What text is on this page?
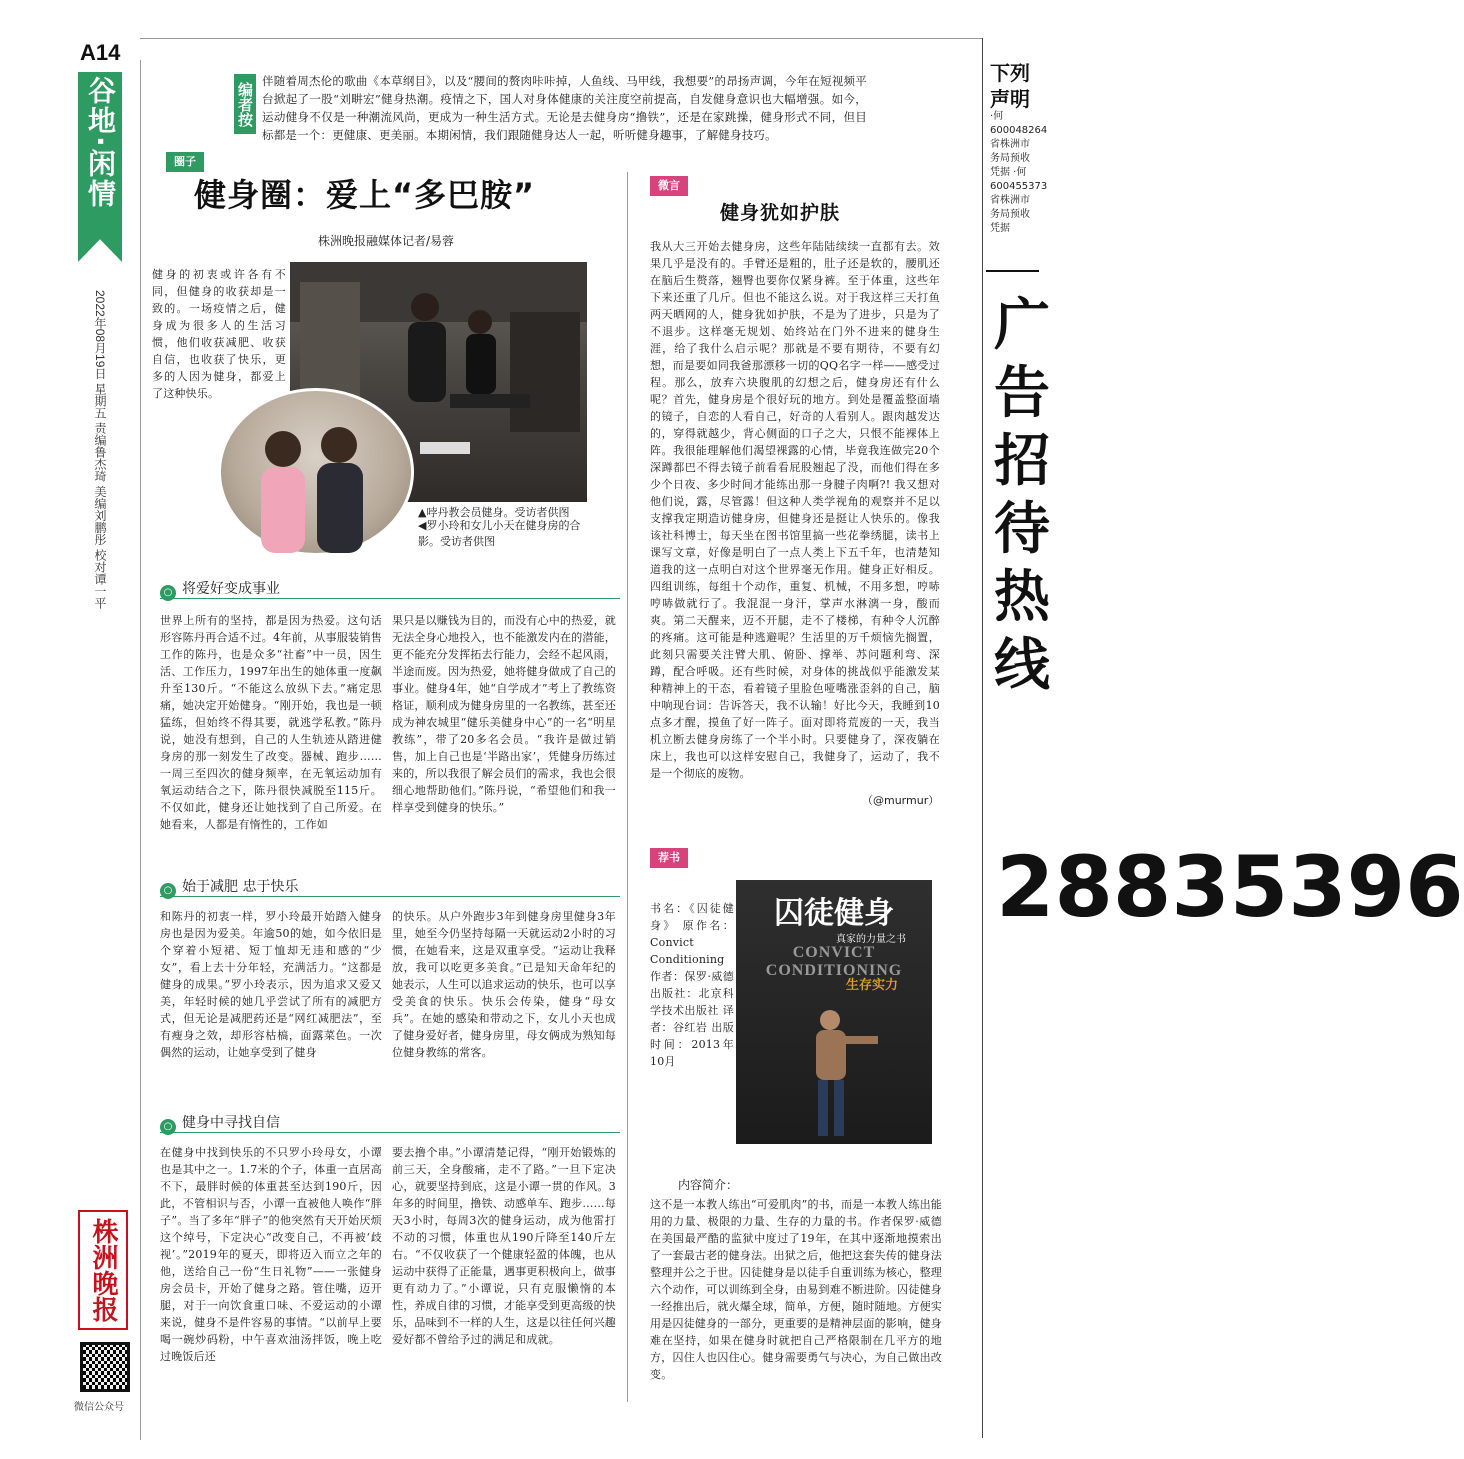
A14
谷地·闲情
2022年08月19日 星期五 责编鲁杰琦 美编刘鹏彤 校对谭一平
株洲晚报
微信公众号
编者按
伴随着周杰伦的歌曲《本草纲目》，以及“腰间的赘肉咔咔掉，人鱼线、马甲线，我想要”的昂扬声调，今年在短视频平台掀起了一股“刘畊宏”健身热潮。疫情之下，国人对身体健康的关注度空前提高，自发健身意识也大幅增强。如今，运动健身不仅是一种潮流风尚，更成为一种生活方式。无论是去健身房“撸铁”，还是在家跳操，健身形式不同，但目标都是一个：更健康、更美丽。本期闲情，我们跟随健身达人一起，听听健身趣事，了解健身技巧。
圈子
健身圈：爱上“多巴胺”
株洲晚报融媒体记者/易蓉
健身的初衷或许各有不同，但健身的收获却是一致的。一场疫情之后，健身成为很多人的生活习惯，他们收获减肥、收获自信，也收获了快乐，更多的人因为健身，都爱上了这种快乐。
▲哱丹教会员健身。受访者供图
◀罗小玲和女儿小天在健身房的合影。受访者供图
○ 将爱好变成事业
世界上所有的坚持，都是因为热爱。这句话形容陈丹再合适不过。4年前，从事服装销售工作的陈丹，也是众多“社畜”中一员，因生活、工作压力，1997年出生的她体重一度飙升至130斤。“不能这么放纵下去。”痛定思痛，她决定开始健身。“刚开始，我也是一顿猛练，但始终不得其要，就逃学私教。”陈丹说，她没有想到，自己的人生轨迹从踏进健身房的那一刻发生了改变。器械、跑步……一周三至四次的健身频率，在无氧运动加有氧运动结合之下，陈丹很快减脱至115斤。不仅如此，健身还让她找到了自己所爱。在她看来，人都是有惰性的，工作如
果只是以赚钱为目的，而没有心中的热爱，就无法全身心地投入，也不能激发内在的潜能，更不能充分发挥拓去行能力，会经不起风雨，半途而废。因为热爱，她将健身做成了自己的事业。健身4年，她“自学成才”考上了教练资格证，顺利成为健身房里的一名教练，甚至还成为神农城里“健乐美健身中心”的一名“明星教练”，带了20多名会员。“我许是做过销售，加上自己也是‘半路出家’，凭健身历练过来的，所以我很了解会员们的需求，我也会很细心地帮助他们。”陈丹说，“希望他们和我一样享受到健身的快乐。”
○ 始于减肥 忠于快乐
和陈丹的初衷一样，罗小玲最开始踏入健身房也是因为爱美。年逾50的她，如今依旧是个穿着小短裙、短丁恤却无违和感的“少女”，看上去十分年轻，充满活力。“这都是健身的成果。”罗小玲表示，因为追求又爱又美，年轻时候的她几乎尝试了所有的减肥方式，但无论是减肥药还是“网红减肥法”，至有瘦身之效，却形容枯槁，面露菜色。一次偶然的运动，让她享受到了健身
的快乐。从户外跑步3年到健身房里健身3年里，她至今仍坚持每隔一天就运动2小时的习惯，在她看来，这是双重享受。“运动让我释放，我可以吃更多美食。”已是知天命年纪的她表示，人生可以追求运动的快乐，也可以享受美食的快乐。快乐会传染，健身“母女兵”。在她的感染和带动之下，女儿小天也成了健身爱好者，健身房里，母女俩成为熟知每位健身教练的常客。
○ 健身中寻找自信
在健身中找到快乐的不只罗小玲母女，小谭也是其中之一。1.7米的个子，体重一直居高不下，最胖时候的体重甚至达到190斤，因此，不管相识与否，小谭一直被他人唤作“胖子”。当了多年“胖子”的他突然有天开始厌烦这个绰号，下定决心“改变自己，不再被‘歧视’。”2019年的夏天，即将迈入而立之年的他，送给自己一份“生日礼物”——一张健身房会员卡，开始了健身之路。管住嘴，迈开腿，对于一向饮食重口味、不爱运动的小谭来说，健身不是件容易的事情。“以前早上要喝一碗炒码粉，中午喜欢油汤拌饭，晚上吃过晚饭后还
要去撸个串。”小谭清楚记得，“刚开始锻炼的前三天，全身酸痛，走不了路。”一旦下定决心，就要坚持到底，这是小谭一贯的作风。3年多的时间里，撸铁、动感单车、跑步……每天3小时，每周3次的健身运动，成为他雷打不动的习惯，体重也从190斤降至140斤左右。“不仅收获了一个健康轻盈的体魄，也从运动中获得了正能量，遇事更积极向上，做事更有动力了。”小谭说，只有克服懒惰的本性，养成自律的习惯，才能享受到更高级的快乐，品味到不一样的人生，这是以往任何兴趣爱好都不曾给予过的满足和成就。
微言
健身犹如护肤
我从大三开始去健身房，这些年陆陆续续一直都有去。效果几乎是没有的。手臂还是粗的，肚子还是软的，腰肌还在脑后生赘落，翘臀也要你仅紧身裤。至于体重，这些年下来还重了几斤。但也不能这么说。对于我这样三天打鱼两天晒网的人，健身犹如护肤，不是为了进步，只是为了不退步。这样毫无规划、始终站在门外不进来的健身生涯，给了我什么启示呢？那就是不要有期待，不要有幻想，而是要如同我爸那漂移一切的QQ名字一样——感受过程。那么，放弃六块腹肌的幻想之后，健身房还有什么呢？首先，健身房是个很好玩的地方。到处是覆盖整面墙的镜子，自恋的人看自己，好奇的人看别人。跟肉越发达的，穿得就越少，背心侧面的口子之大，只恨不能裸体上阵。我很能理解他们渴望裸露的心情，毕竟我连做完20个深蹲都巴不得去镜子前看看屁股翘起了没，而他们得在多少个日夜、多少时间才能练出那一身腱子肉啊?! 我又想对他们说，露，尽管露！但这种人类学视角的观察并不足以支撑我定期造访健身房，但健身还是挺让人快乐的。像我该社科博士，每天坐在图书馆里搞一些花拳绣腿，读书上课写文章，好像是明白了一点人类上下五千年，也清楚知道我的这一点明白对这个世界毫无作用。健身正好相反。四组训练，每组十个动作，重复、机械，不用多想，哼哧哼哧做就行了。我混混一身汗，掌声水淋漓一身，酸而爽。第二天醒来，迈不开腿，走不了楼梯，有种令人沉醉的疼痛。这可能是种逃避呢？生活里的万千烦恼先搁置，此刻只需要关注臂大肌、俯卧、撑举、苏问题利弯、深蹲，配合呼吸。还有些时候，对身体的挑战似乎能激发某种精神上的干态，看着镜子里脸色哑嘴涨歪斜的自己，脑中响现台词：告诉答天，我不认输！好比今天，我睡到10点多才醒，摸鱼了好一阵子。面对即将荒废的一天，我当机立断去健身房练了一个半小时。只要健身了，深夜躺在床上，我也可以这样安慰自己，我健身了，运动了，我不是一个彻底的废物。
（@murmur）
荐书
书名：《囚徒健身》 原作名：Convict Conditioning 作者：保罗·威德 出版社：北京科学技术出版社 译者：谷红岩 出版时间：2013年10月
囚徒健身
真家的力量之书
CONVICT CONDITIONING
生存实力
内容简介：
这不是一本教人练出“可爱肌肉”的书，而是一本教人练出能用的力量、极限的力量、生存的力量的书。作者保罗·威德在美国最严酷的监狱中度过了19年，在其中逐渐地摸索出了一套最古老的健身法。出狱之后，他把这套失传的健身法整理并公之于世。囚徒健身是以徒手自重训练为核心，整理六个动作，可以训练到全身，由易到难不断进阶。囚徒健身一经推出后，就火爆全球，简单，方便，随时随地。方便实用是囚徒健身的一部分，更重要的是精神层面的影响，健身难在坚持，如果在健身时就把自己严格限制在几平方的地方，囚住人也囚住心。健身需要勇气与决心，为自己做出改变。
下列声明
·何600048264省株洲市务局预收凭据 ·何600455373省株洲市务局预收凭据
广告招待热线
28835396
